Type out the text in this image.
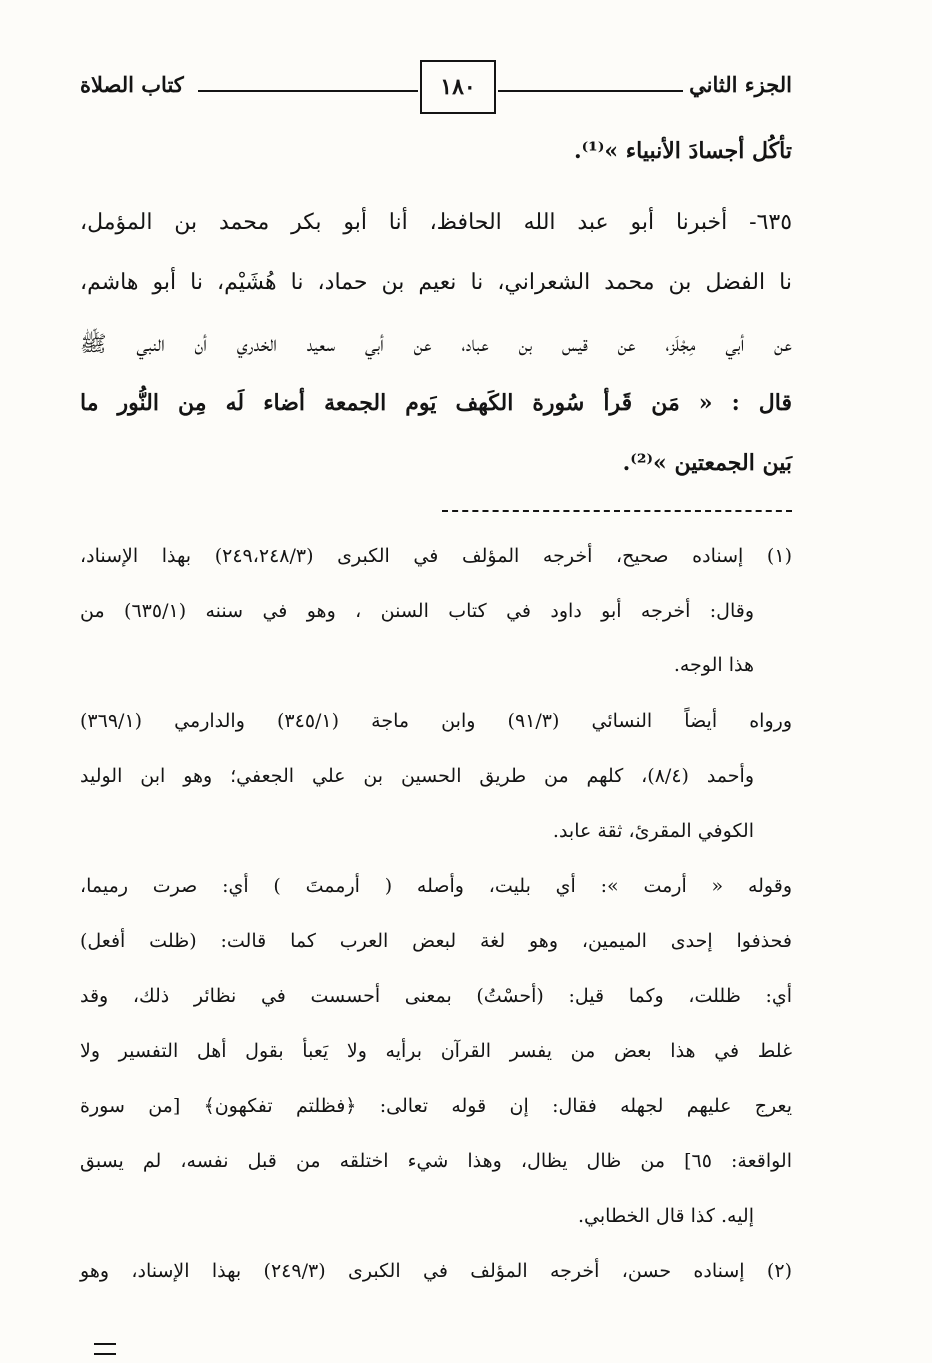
كتاب الصلاة	١٨٠	الجزء الثاني
تأكُل أجسادَ الأنبياء »⁽¹⁾.
٦٣٥- أخبرنا أبو عبد الله الحافظ، أنا أبو بكر محمد بن المؤمل،
نا الفضل بن محمد الشعراني، نا نعيم بن حماد، نا هُشَيْم، نا أبو هاشم،
عن أبي مِجْلَز، عن قيس بن عباد، عن أبي سعيد الخدري أن النبي ﷺ
قال : « مَن قَرأ سُورة الكَهف يَوم الجمعة أضاء لَه مِن النُّور ما
بَين الجمعتين »⁽²⁾.
(١) إسناده صحيح، أخرجه المؤلف في الكبرى (٢٤٩،٢٤٨/٣) بهذا الإسناد،
وقال: أخرجه أبو داود في كتاب السنن ، وهو في سننه (٦٣٥/١) من
هذا الوجه.
ورواه أيضاً النسائي (٩١/٣) وابن ماجة (٣٤٥/١) والدارمي (٣٦٩/١)
وأحمد (٨/٤)، كلهم من طريق الحسين بن علي الجعفي؛ وهو ابن الوليد
الكوفي المقرئ، ثقة عابد.
وقوله « أرمت »: أي بليت، وأصله ( أرممتَ ) أي: صرت رميما،
فحذفوا إحدى الميمين، وهو لغة لبعض العرب كما قالت: (ظلت أفعل)
أي: ظللت، وكما قيل: (أحسْتُ) بمعنى أحسست في نظائر ذلك، وقد
غلط في هذا بعض من يفسر القرآن برأيه ولا يَعبأ بقول أهل التفسير ولا
يعرج عليهم لجهله فقال: إن قوله تعالى: ﴿فظلتم تفكهون﴾ [من سورة
الواقعة: ٦٥] من ظال يظال، وهذا شيء اختلقه من قبل نفسه، لم يسبق
إليه. كذا قال الخطابي.
(٢) إسناده حسن، أخرجه المؤلف في الكبرى (٢٤٩/٣) بهذا الإسناد، وهو
